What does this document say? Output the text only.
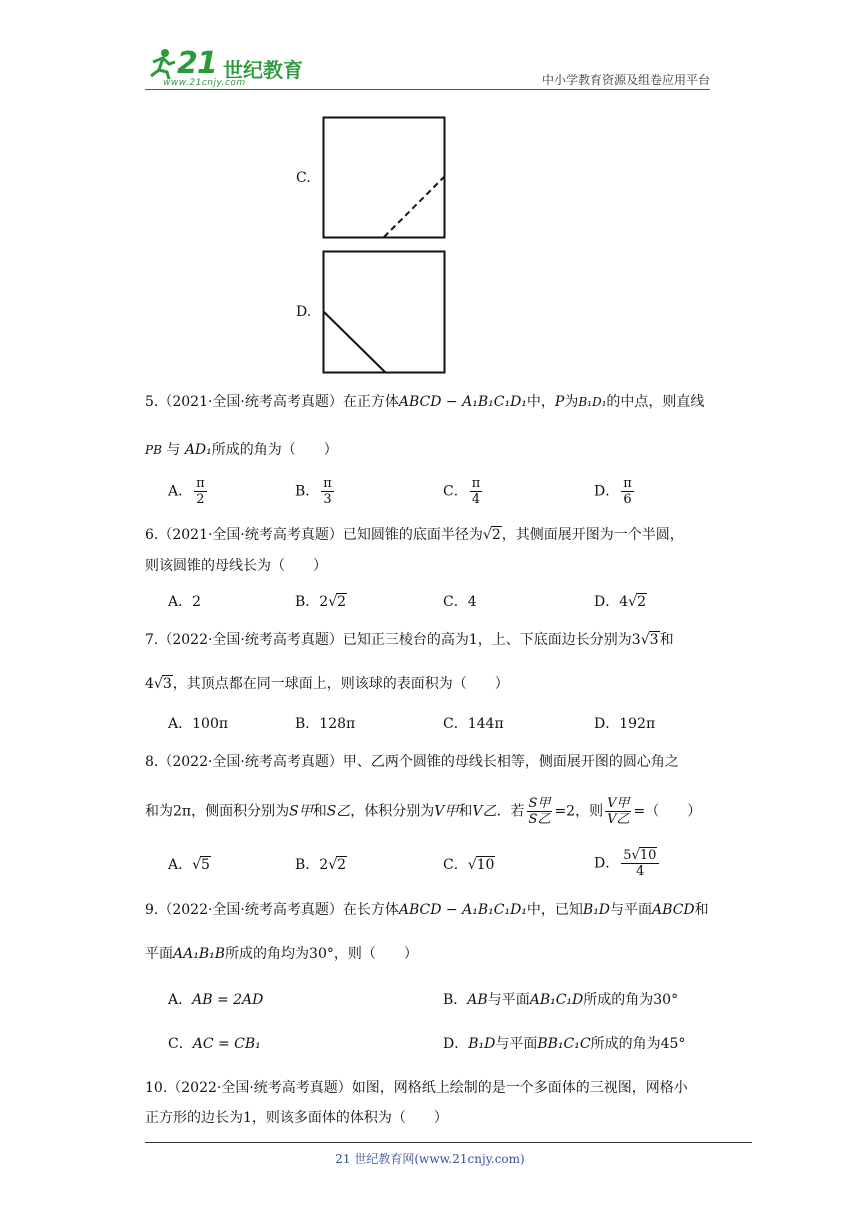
21 世纪教育
www.21cnjy.com	中小学教育资源及组卷应用平台
C.
D.
5.（2021·全国·统考高考真题）在正方体ABCD − A₁B₁C₁D₁中，P为B₁D₁的中点，则直线
PB 与 AD₁所成的角为（　　）
A． $\frac{\pi}{2}$	B． $\frac{\pi}{3}$	C． $\frac{\pi}{4}$	D． $\frac{\pi}{6}$
6.（2021·全国·统考高考真题）已知圆锥的底面半径为√2，其侧面展开图为一个半圆，
则该圆锥的母线长为（　　）
A．2	B．2√2	C．4	D．4√2
7.（2022·全国·统考高考真题）已知正三棱台的高为1，上、下底面边长分别为3√3和
4√3，其顶点都在同一球面上，则该球的表面积为（　　）
A．100π	B．128π	C．144π	D．192π
8.（2022·全国·统考高考真题）甲、乙两个圆锥的母线长相等，侧面展开图的圆心角之
和为2π，侧面积分别为S甲和S乙，体积分别为V甲和V乙．若 $\frac{\text{S甲}}{\text{S乙}} =2$，则 $\frac{\text{V甲}}{\text{V乙}}$ =（　　）
A．√5	B．2√2	C．√10	D． $\frac{5√10}{4}$
9.（2022·全国·统考高考真题）在长方体ABCD − A₁B₁C₁D₁中，已知B₁D与平面ABCD和
平面AA₁B₁B所成的角均为30°，则（　　）
A．AB = 2AD	B．AB与平面AB₁C₁D所成的角为30°
C．AC = CB₁	D．B₁D与平面BB₁C₁C所成的角为45°
10.（2022·全国·统考高考真题）如图，网格纸上绘制的是一个多面体的三视图，网格小
正方形的边长为1，则该多面体的体积为（　　）
21 世纪教育网(www.21cnjy.com)
